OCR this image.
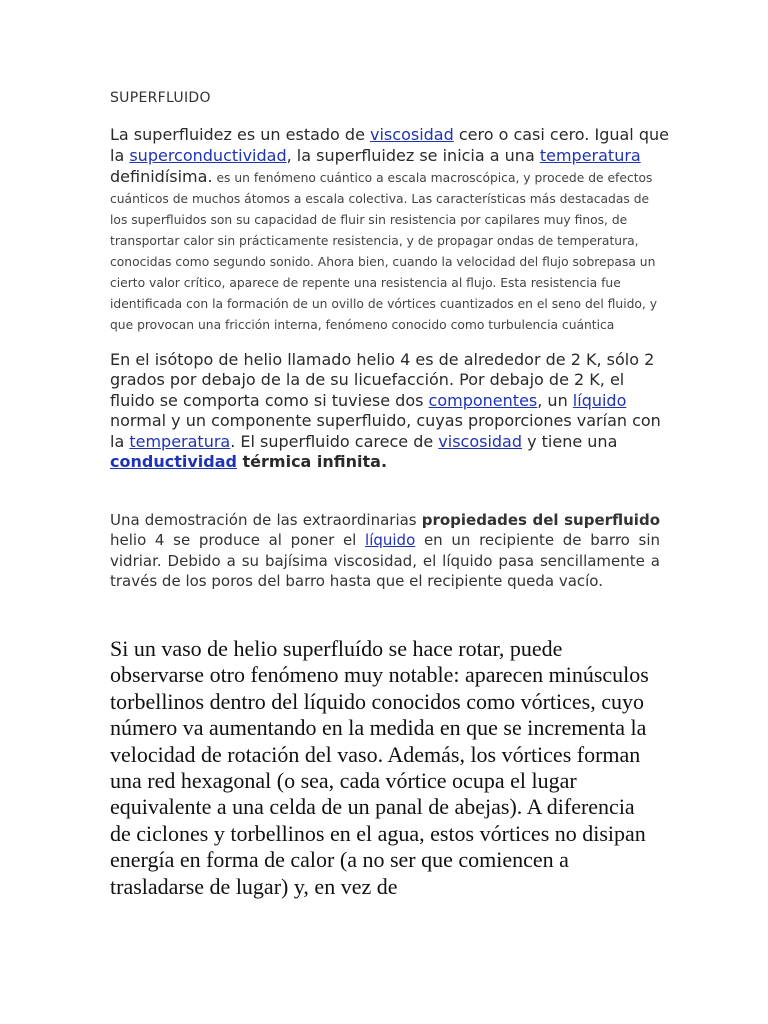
SUPERFLUIDO
La superfluidez es un estado de viscosidad cero o casi cero. Igual que la superconductividad, la superfluidez se inicia a una temperatura definidísima. es un fenómeno cuántico a escala macroscópica, y procede de efectos cuánticos de muchos átomos a escala colectiva. Las características más destacadas de los superfluidos son su capacidad de fluir sin resistencia por capilares muy finos, de transportar calor sin prácticamente resistencia, y de propagar ondas de temperatura, conocidas como segundo sonido. Ahora bien, cuando la velocidad del flujo sobrepasa un cierto valor crítico, aparece de repente una resistencia al flujo. Esta resistencia fue identificada con la formación de un ovillo de vórtices cuantizados en el seno del fluido, y que provocan una fricción interna, fenómeno conocido como turbulencia cuántica
En el isótopo de helio llamado helio 4 es de alrededor de 2 K, sólo 2 grados por debajo de la de su licuefacción. Por debajo de 2 K, el fluido se comporta como si tuviese dos componentes, un líquido normal y un componente superfluido, cuyas proporciones varían con la temperatura. El superfluido carece de viscosidad y tiene una conductividad térmica infinita.
Una demostración de las extraordinarias propiedades del superfluido helio 4 se produce al poner el líquido en un recipiente de barro sin vidriar. Debido a su bajísima viscosidad, el líquido pasa sencillamente a través de los poros del barro hasta que el recipiente queda vacío.
Si un vaso de helio superfluído se hace rotar, puede observarse otro fenómeno muy notable: aparecen minúsculos torbellinos dentro del líquido conocidos como vórtices, cuyo número va aumentando en la medida en que se incrementa la velocidad de rotación del vaso. Además, los vórtices forman una red hexagonal (o sea, cada vórtice ocupa el lugar equivalente a una celda de un panal de abejas). A diferencia de ciclones y torbellinos en el agua, estos vórtices no disipan energía en forma de calor (a no ser que comiencen a trasladarse de lugar) y, en vez de
